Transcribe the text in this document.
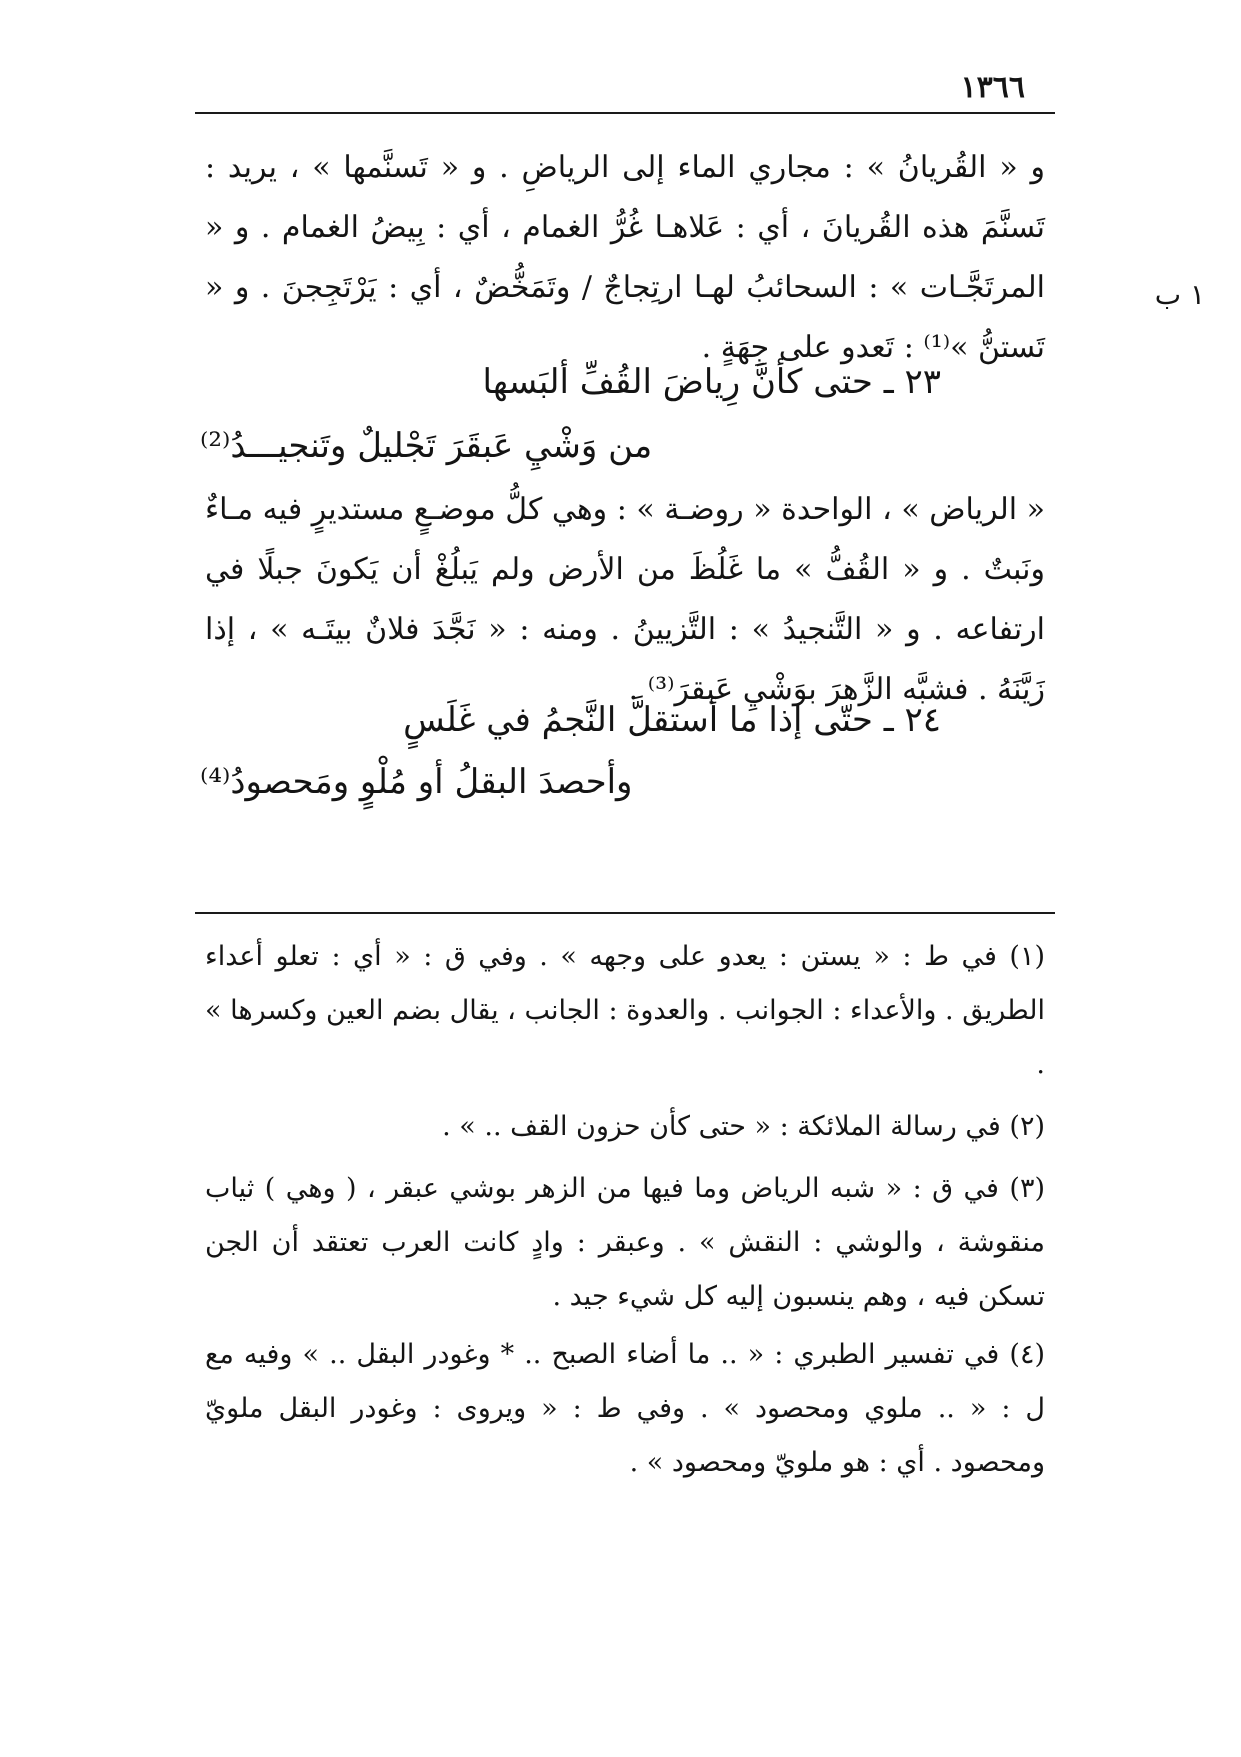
١٣٦٦
١ ب

و « القُريانُ » : مجاري الماء إلى الرياضِ . و « تَسنَّمها » ، يريد : تَسنَّمَ هذه القُريانَ ، أي : عَلاهـا غُرُّ الغمام ، أي : بِيضُ الغمام . و « المرتَجَّـات » : السحائبُ لهـا ارتِجاجٌ / وتَمَخُّضٌ ، أي : يَرْتَجِجنَ . و « تَستنُّ »⁽¹⁾ : تَعدو على جِهَةٍ .

٢٣ ـ حتى كأنَّ رِياضَ القُفِّ ألبَسها

من وَشْيِ عَبقَرَ تَجْليلٌ وتَنجيـــدُ⁽²⁾

« الرياض » ، الواحدة « روضـة » : وهي كلُّ موضـعٍ مستديرٍ فيه مـاءٌ ونَبتٌ . و « القُفُّ » ما غَلُظَ من الأرض ولم يَبلُغْ أن يَكونَ جبلًا في ارتفاعه . و « التَّنجيدُ » : التَّزيينُ . ومنه : « نَجَّدَ فلانٌ بيتَـه » ، إذا زَيَّنَهُ . فشبَّه الزَّهرَ بوَشْيِ عَبقرَ⁽³⁾ .

٢٤ ـ حتّى إذا ما أستقلَّ النَّجمُ في غَلَسٍ

وأحصدَ البقلُ أو مُلْوٍ ومَحصودُ⁽⁴⁾

(١) في ط : « يستن : يعدو على وجهه » . وفي ق : « أي : تعلو أعداء الطريق . والأعداء : الجوانب . والعدوة : الجانب ، يقال بضم العين وكسرها » .

(٢) في رسالة الملائكة : « حتى كأن حزون القف .. » .

(٣) في ق : « شبه الرياض وما فيها من الزهر بوشي عبقر ، ( وهي ) ثياب منقوشة ، والوشي : النقش » . وعبقر : وادٍ كانت العرب تعتقد أن الجن تسكن فيه ، وهم ينسبون إليه كل شيء جيد .

(٤) في تفسير الطبري : « .. ما أضاء الصبح .. * وغودر البقل .. » وفيه مع ل : « .. ملوي ومحصود » . وفي ط : « ويروى : وغودر البقل ملويّ ومحصود . أي : هو ملويّ ومحصود » .
